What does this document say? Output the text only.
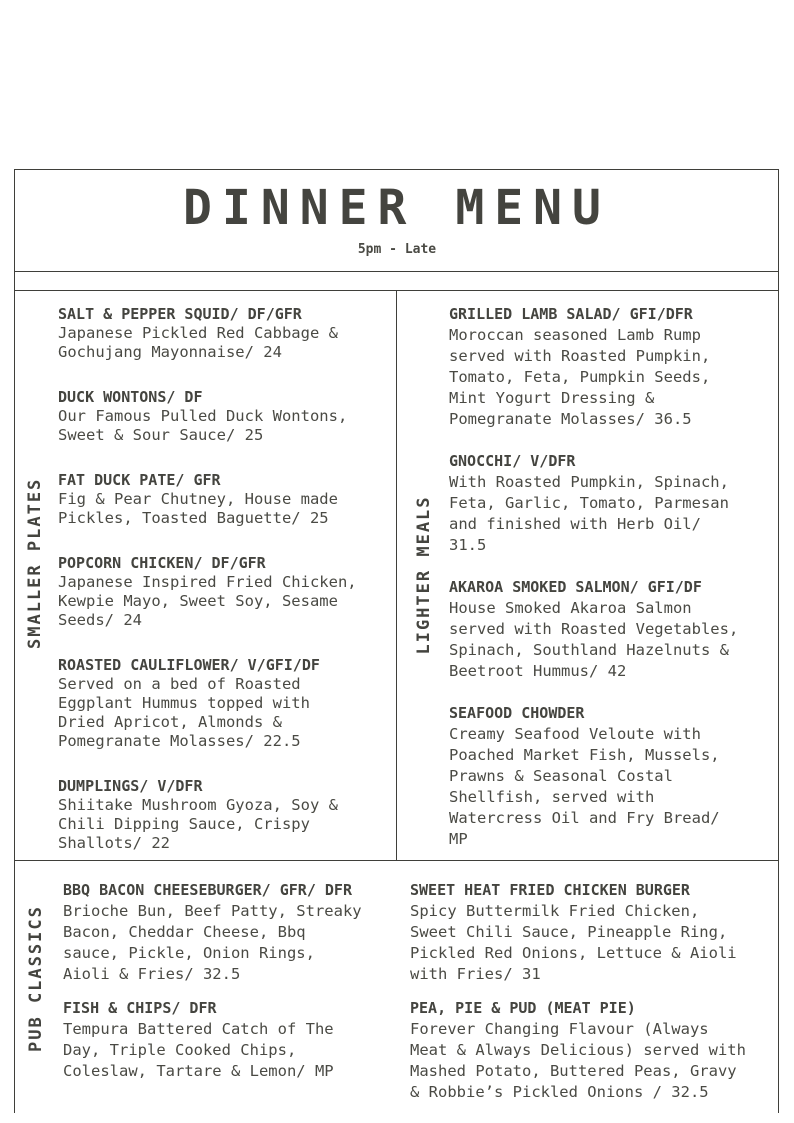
DINNER MENU
5pm - Late
SMALLER PLATES	LIGHTER MEALS
PUB CLASSICS
SALT & PEPPER SQUID/ DF/GFR
Japanese Pickled Red Cabbage &
Gochujang Mayonnaise/ 24
DUCK WONTONS/ DF
Our Famous Pulled Duck Wontons,
Sweet & Sour Sauce/ 25
FAT DUCK PATE/ GFR
Fig & Pear Chutney, House made
Pickles, Toasted Baguette/ 25
POPCORN CHICKEN/ DF/GFR
Japanese Inspired Fried Chicken,
Kewpie Mayo, Sweet Soy, Sesame
Seeds/ 24
ROASTED CAULIFLOWER/ V/GFI/DF
Served on a bed of Roasted
Eggplant Hummus topped with
Dried Apricot, Almonds &
Pomegranate Molasses/ 22.5
DUMPLINGS/ V/DFR
Shiitake Mushroom Gyoza, Soy &
Chili Dipping Sauce, Crispy
Shallots/ 22
GRILLED LAMB SALAD/ GFI/DFR
Moroccan seasoned Lamb Rump
served with Roasted Pumpkin,
Tomato, Feta, Pumpkin Seeds,
Mint Yogurt Dressing &
Pomegranate Molasses/ 36.5
GNOCCHI/ V/DFR
With Roasted Pumpkin, Spinach,
Feta, Garlic, Tomato, Parmesan
and finished with Herb Oil/
31.5
AKAROA SMOKED SALMON/ GFI/DF
House Smoked Akaroa Salmon
served with Roasted Vegetables,
Spinach, Southland Hazelnuts &
Beetroot Hummus/ 42
SEAFOOD CHOWDER
Creamy Seafood Veloute with
Poached Market Fish, Mussels,
Prawns & Seasonal Costal
Shellfish, served with
Watercress Oil and Fry Bread/
MP
BBQ BACON CHEESEBURGER/ GFR/ DFR
Brioche Bun, Beef Patty, Streaky
Bacon, Cheddar Cheese, Bbq
sauce, Pickle, Onion Rings,
Aioli & Fries/ 32.5
FISH & CHIPS/ DFR
Tempura Battered Catch of The
Day, Triple Cooked Chips,
Coleslaw, Tartare & Lemon/ MP
SWEET HEAT FRIED CHICKEN BURGER
Spicy Buttermilk Fried Chicken,
Sweet Chili Sauce, Pineapple Ring,
Pickled Red Onions, Lettuce & Aioli
with Fries/ 31
PEA, PIE & PUD (MEAT PIE)
Forever Changing Flavour (Always
Meat & Always Delicious) served with
Mashed Potato, Buttered Peas, Gravy
& Robbie’s Pickled Onions / 32.5
